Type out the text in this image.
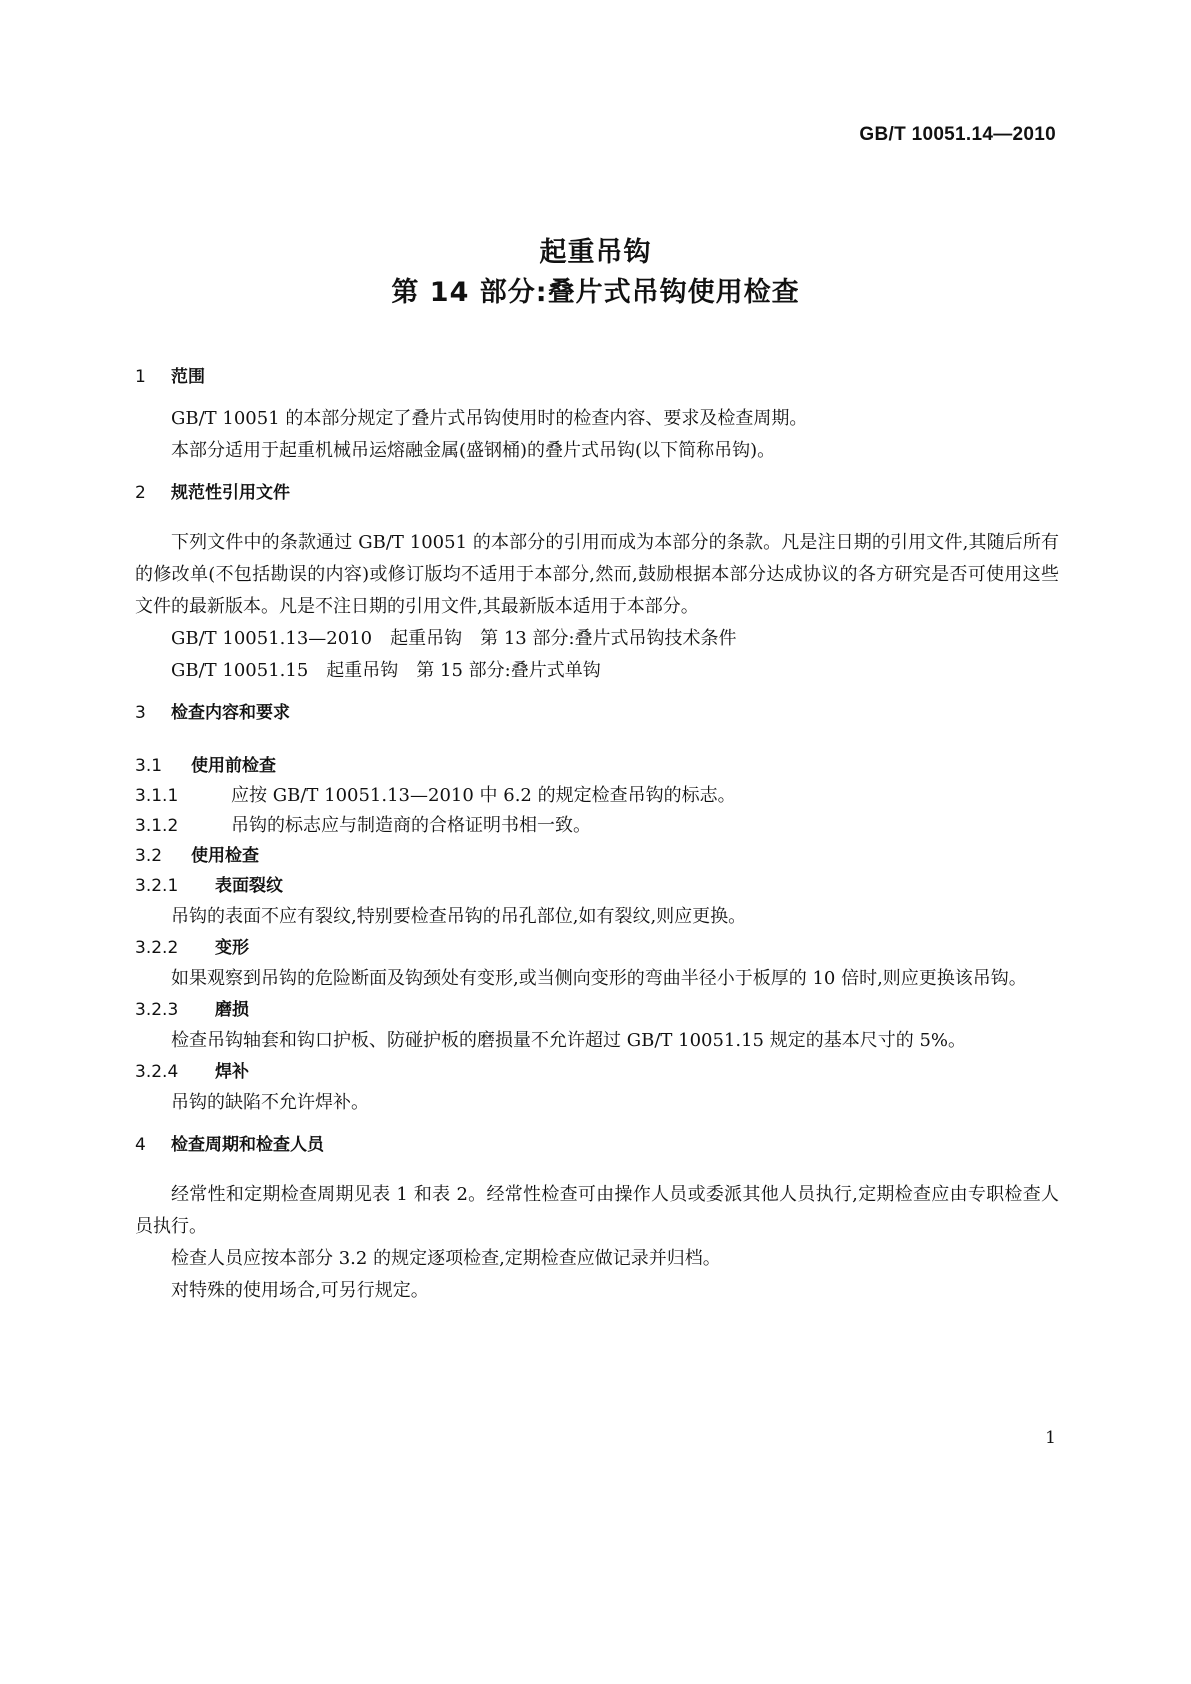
GB/T 10051.14—2010
起重吊钩
第 14 部分:叠片式吊钩使用检查
1 范围
GB/T 10051 的本部分规定了叠片式吊钩使用时的检查内容、要求及检查周期。
本部分适用于起重机械吊运熔融金属(盛钢桶)的叠片式吊钩(以下简称吊钩)。
2 规范性引用文件
下列文件中的条款通过 GB/T 10051 的本部分的引用而成为本部分的条款。凡是注日期的引用文件,其随后所有的修改单(不包括勘误的内容)或修订版均不适用于本部分,然而,鼓励根据本部分达成协议的各方研究是否可使用这些文件的最新版本。凡是不注日期的引用文件,其最新版本适用于本部分。
GB/T 10051.13—2010　起重吊钩　第 13 部分:叠片式吊钩技术条件
GB/T 10051.15　起重吊钩　第 15 部分:叠片式单钩
3 检查内容和要求
3.1 使用前检查
3.1.1	应按 GB/T 10051.13—2010 中 6.2 的规定检查吊钩的标志。
3.1.2	吊钩的标志应与制造商的合格证明书相一致。
3.2 使用检查
3.2.1 表面裂纹
吊钩的表面不应有裂纹,特别要检查吊钩的吊孔部位,如有裂纹,则应更换。
3.2.2 变形
如果观察到吊钩的危险断面及钩颈处有变形,或当侧向变形的弯曲半径小于板厚的 10 倍时,则应更换该吊钩。
3.2.3 磨损
检查吊钩轴套和钩口护板、防碰护板的磨损量不允许超过 GB/T 10051.15 规定的基本尺寸的 5%。
3.2.4 焊补
吊钩的缺陷不允许焊补。
4 检查周期和检查人员
经常性和定期检查周期见表 1 和表 2。经常性检查可由操作人员或委派其他人员执行,定期检查应由专职检查人员执行。
检查人员应按本部分 3.2 的规定逐项检查,定期检查应做记录并归档。
对特殊的使用场合,可另行规定。
1
